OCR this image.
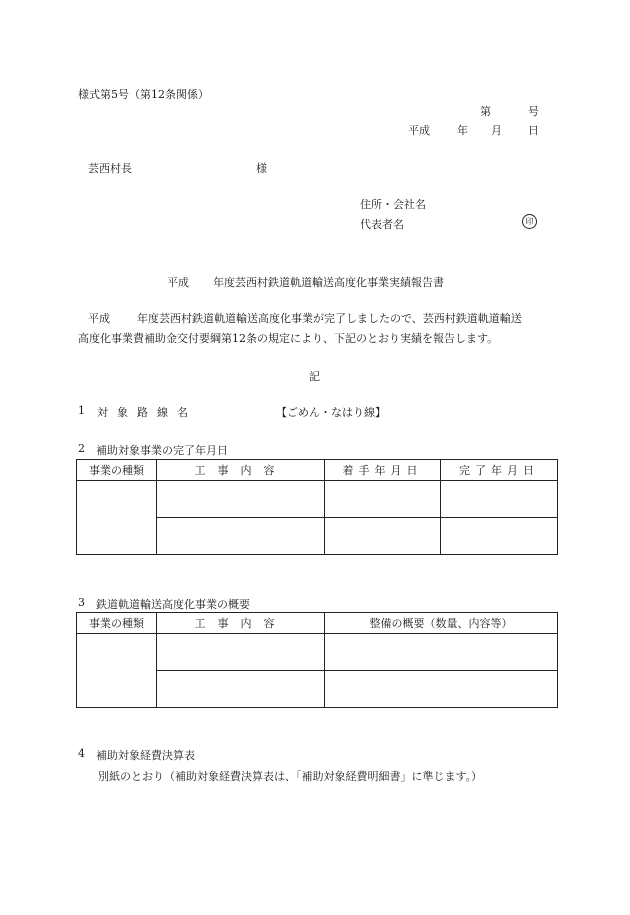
様式第5号（第12条関係）
第	号
平成 年 月 日
芸西村長	様
住所・会社名
代表者名	印
平成 年度芸西村鉄道軌道輸送高度化事業実績報告書
平成 年度芸西村鉄道軌道輸送高度化事業が完了しましたので、芸西村鉄道軌道輸送
高度化事業費補助金交付要綱第12条の規定により、下記のとおり実績を報告します。
記
1 対象路線名	【ごめん・なはり線】
2 補助対象事業の完了年月日
事業の種類	工事内容	着手年月日	完了年月日

3 鉄道軌道輸送高度化事業の概要
事業の種類	工事内容	整備の概要（数量、内容等）

4 補助対象経費決算表
別紙のとおり（補助対象経費決算表は、「補助対象経費明細書」に準じます。）
